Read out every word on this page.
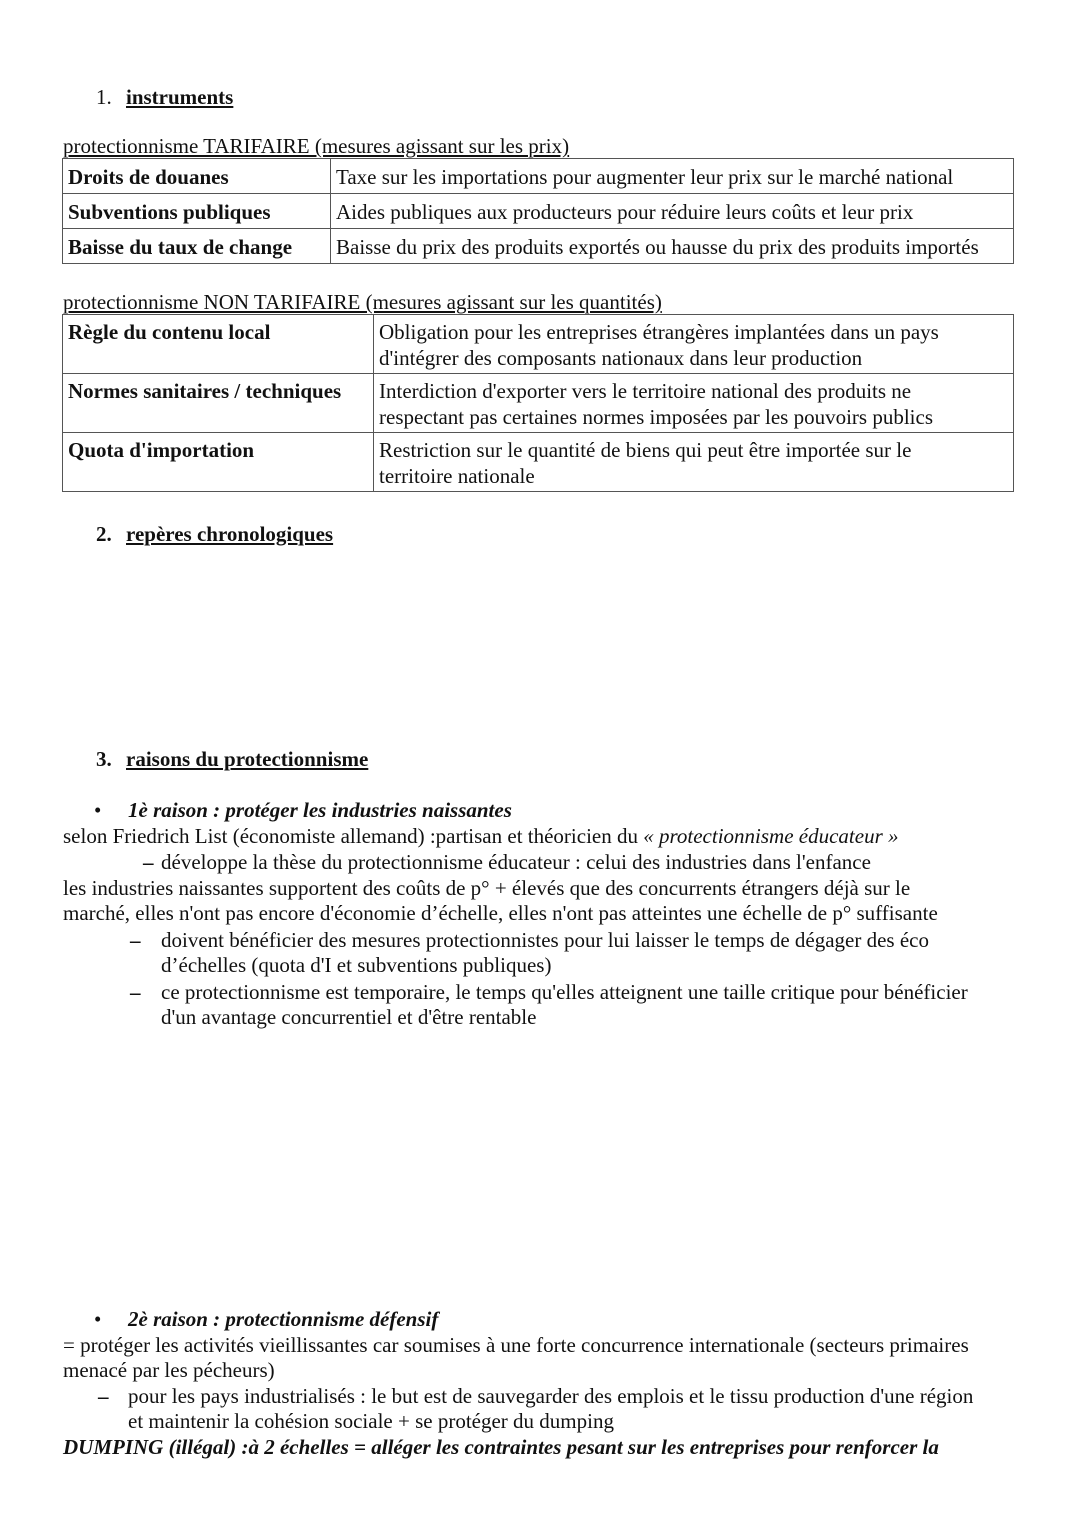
1. instruments
protectionnisme TARIFAIRE (mesures agissant sur les prix)
Droits de douanes	Taxe sur les importations pour augmenter leur prix sur le marché national
Subventions publiques	Aides publiques aux producteurs pour réduire leurs coûts et leur prix
Baisse du taux de change	Baisse du prix des produits exportés ou hausse du prix des produits importés
protectionnisme NON TARIFAIRE (mesures agissant sur les quantités)
Règle du contenu local	Obligation pour les entreprises étrangères implantées dans un pays
d'intégrer des composants nationaux dans leur production

Normes sanitaires / techniques	Interdiction d'exporter vers le territoire national des produits ne
respectant pas certaines normes imposées par les pouvoirs publics

Quota d'importation	Restriction sur le quantité de biens qui peut être importée sur le
territoire nationale
2. repères chronologiques
3. raisons du protectionnisme
• 1è raison : protéger les industries naissantes
selon Friedrich List (économiste allemand) :partisan et théoricien du « protectionnisme éducateur »
– développe la thèse du protectionnisme éducateur : celui des industries dans l'enfance
les industries naissantes supportent des coûts de p° + élevés que des concurrents étrangers déjà sur le
marché, elles n'ont pas encore d'économie d’échelle, elles n'ont pas atteintes une échelle de p° suffisante
– doivent bénéficier des mesures protectionnistes pour lui laisser le temps de dégager des éco
d’échelles (quota d'I et subventions publiques)
– ce protectionnisme est temporaire, le temps qu'elles atteignent une taille critique pour bénéficier
d'un avantage concurrentiel et d'être rentable
• 2è raison : protectionnisme défensif
= protéger les activités vieillissantes car soumises à une forte concurrence internationale (secteurs primaires
menacé par les pécheurs)
– pour les pays industrialisés : le but est de sauvegarder des emplois et le tissu production d'une région
et maintenir la cohésion sociale + se protéger du dumping
DUMPING (illégal) :à 2 échelles = alléger les contraintes pesant sur les entreprises pour renforcer la
